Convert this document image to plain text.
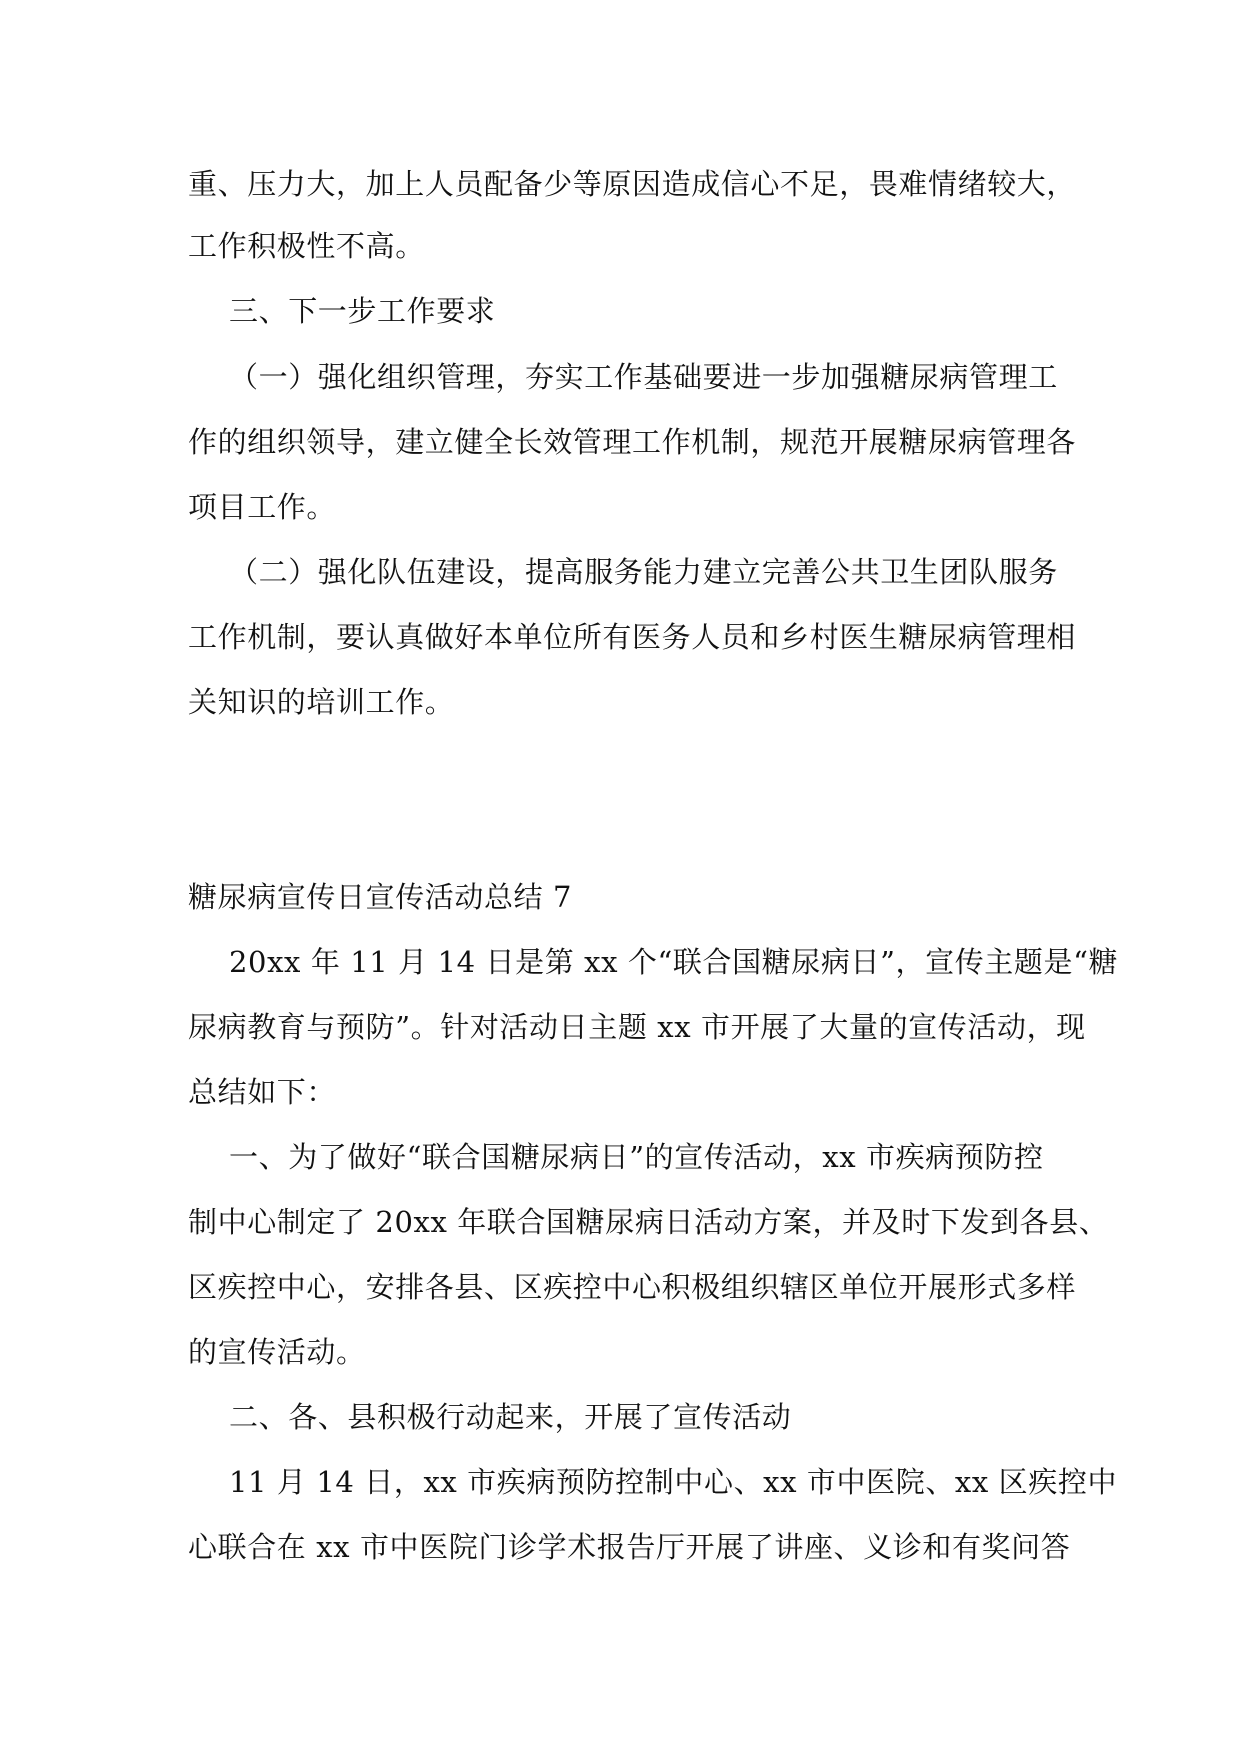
重、压力大，加上人员配备少等原因造成信心不足，畏难情绪较大，
工作积极性不高。
三、下一步工作要求
（一）强化组织管理，夯实工作基础要进一步加强糖尿病管理工
作的组织领导，建立健全长效管理工作机制，规范开展糖尿病管理各
项目工作。
（二）强化队伍建设，提高服务能力建立完善公共卫生团队服务
工作机制，要认真做好本单位所有医务人员和乡村医生糖尿病管理相
关知识的培训工作。
糖尿病宣传日宣传活动总结 7
20xx 年 11 月 14 日是第 xx 个“联合国糖尿病日”，宣传主题是“糖
尿病教育与预防”。针对活动日主题 xx 市开展了大量的宣传活动，现
总结如下：
一、为了做好“联合国糖尿病日”的宣传活动，xx 市疾病预防控
制中心制定了 20xx 年联合国糖尿病日活动方案，并及时下发到各县、
区疾控中心，安排各县、区疾控中心积极组织辖区单位开展形式多样
的宣传活动。
二、各、县积极行动起来，开展了宣传活动
11 月 14 日，xx 市疾病预防控制中心、xx 市中医院、xx 区疾控中
心联合在 xx 市中医院门诊学术报告厅开展了讲座、义诊和有奖问答
